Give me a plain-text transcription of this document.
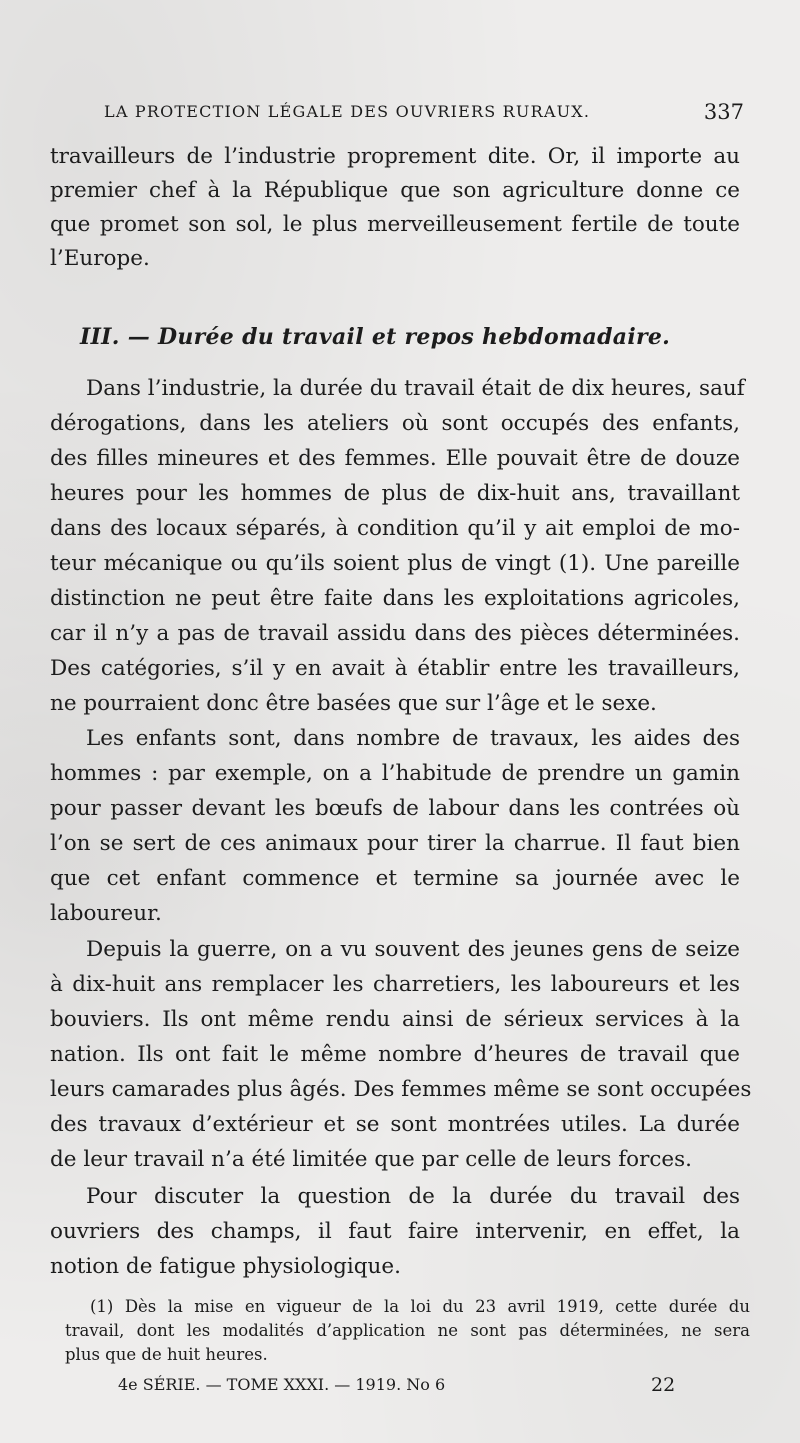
LA PROTECTION LÉGALE DES OUVRIERS RURAUX.	337
travailleurs de l’industrie proprement dite. Or, il importe au
premier chef à la République que son agriculture donne ce
que promet son sol, le plus merveilleusement fertile de toute
l’Europe.
III. — Durée du travail et repos hebdomadaire.
Dans l’industrie, la durée du travail était de dix heures, sauf
dérogations, dans les ateliers où sont occupés des enfants,
des filles mineures et des femmes. Elle pouvait être de douze
heures pour les hommes de plus de dix-huit ans, travaillant
dans des locaux séparés, à condition qu’il y ait emploi de mo-
teur mécanique ou qu’ils soient plus de vingt (1). Une pareille
distinction ne peut être faite dans les exploitations agricoles,
car il n’y a pas de travail assidu dans des pièces déterminées.
Des catégories, s’il y en avait à établir entre les travailleurs,
ne pourraient donc être basées que sur l’âge et le sexe.
Les enfants sont, dans nombre de travaux, les aides des
hommes : par exemple, on a l’habitude de prendre un gamin
pour passer devant les bœufs de labour dans les contrées où
l’on se sert de ces animaux pour tirer la charrue. Il faut bien
que cet enfant commence et termine sa journée avec le
laboureur.
Depuis la guerre, on a vu souvent des jeunes gens de seize
à dix-huit ans remplacer les charretiers, les laboureurs et les
bouviers. Ils ont même rendu ainsi de sérieux services à la
nation. Ils ont fait le même nombre d’heures de travail que
leurs camarades plus âgés. Des femmes même se sont occupées
des travaux d’extérieur et se sont montrées utiles. La durée
de leur travail n’a été limitée que par celle de leurs forces.
Pour discuter la question de la durée du travail des
ouvriers des champs, il faut faire intervenir, en effet, la
notion de fatigue physiologique.
(1) Dès la mise en vigueur de la loi du 23 avril 1919, cette durée du
travail, dont les modalités d’application ne sont pas déterminées, ne sera
plus que de huit heures.
4e SÉRIE. — TOME XXXI. — 1919. No 6	22
